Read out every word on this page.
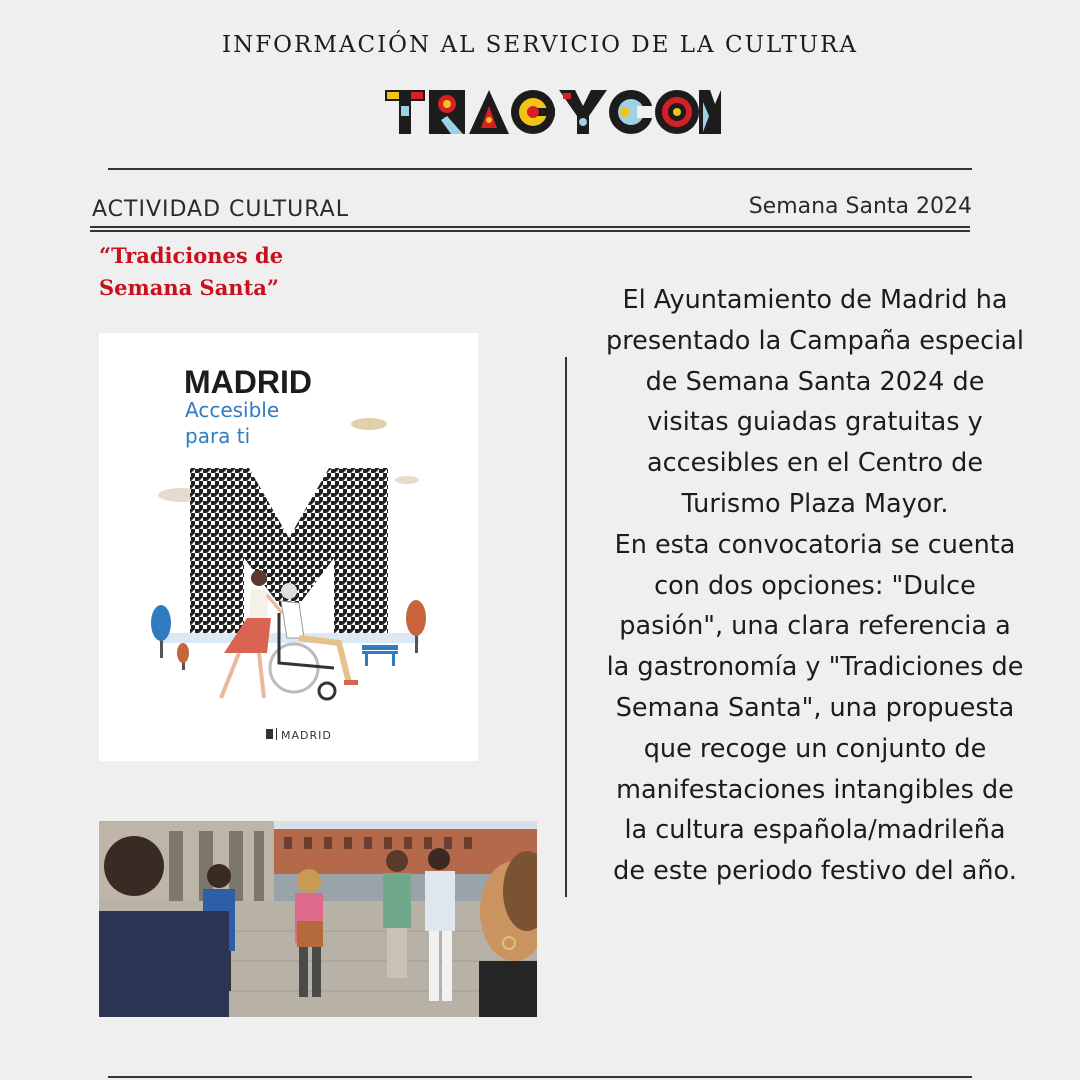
INFORMACIÓN AL SERVICIO DE LA CULTURA
ACTIVIDAD CULTURAL	Semana Santa 2024
“Tradiciones de
Semana Santa”
MADRID
Accesible
para ti
MADRID

El Ayuntamiento de Madrid ha presentado la Campaña especial de Semana Santa 2024 de visitas guiadas gratuitas y accesibles en el Centro de Turismo Plaza Mayor.

En esta convocatoria se cuenta con dos opciones: "Dulce pasión", una clara referencia a la gastronomía y "Tradiciones de Semana Santa", una propuesta que recoge un conjunto de manifestaciones intangibles de la cultura española/madrileña de este periodo festivo del año.
